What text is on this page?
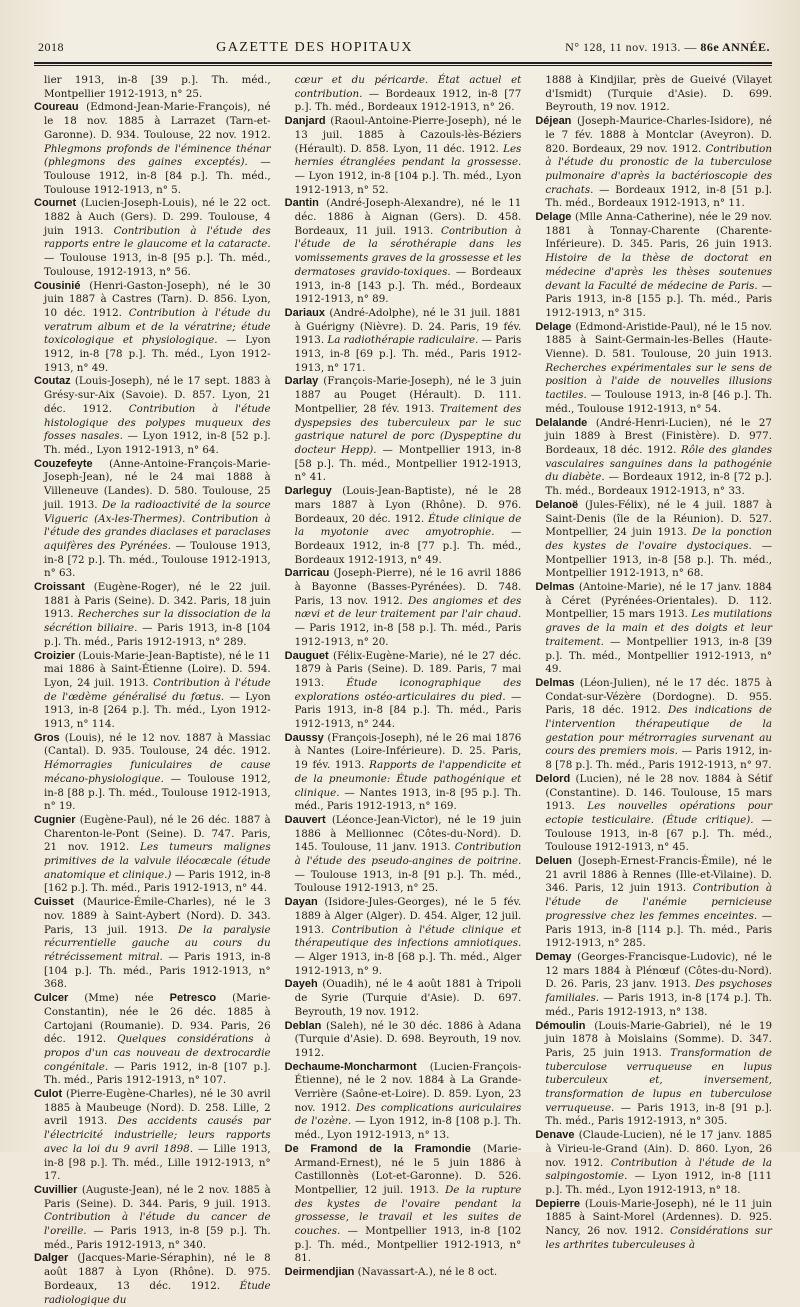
2018	GAZETTE DES HOPITAUX	N° 128, 11 nov. 1913. — 86e ANNÉE.

lier 1913, in-8 [39 p.]. Th. méd., Montpellier 1912-1913, n° 25.

Coureau (Edmond-Jean-Marie-François), né le 18 nov. 1885 à Larrazet (Tarn-et-Garonne). D. 934. Toulouse, 22 nov. 1912. Phlegmons profonds de l'éminence thénar (phlegmons des gaines exceptés). — Toulouse 1912, in-8 [84 p.]. Th. méd., Toulouse 1912-1913, n° 5.

Cournet (Lucien-Joseph-Louis), né le 22 oct. 1882 à Auch (Gers). D. 299. Toulouse, 4 juin 1913. Contribution à l'étude des rapports entre le glaucome et la cataracte. — Toulouse 1913, in-8 [95 p.]. Th. méd., Toulouse, 1912-1913, n° 56.

Cousinié (Henri-Gaston-Joseph), né le 30 juin 1887 à Castres (Tarn). D. 856. Lyon, 10 déc. 1912. Contribution à l'étude du veratrum album et de la vératrine; étude toxicologique et physiologique. — Lyon 1912, in-8 [78 p.]. Th. méd., Lyon 1912-1913, n° 49.

Coutaz (Louis-Joseph), né le 17 sept. 1883 à Grésy-sur-Aix (Savoie). D. 857. Lyon, 21 déc. 1912. Contribution à l'étude histologique des polypes muqueux des fosses nasales. — Lyon 1912, in-8 [52 p.]. Th. méd., Lyon 1912-1913, n° 64.

Couzefeyte (Anne-Antoine-François-Marie-Joseph-Jean), né le 24 mai 1888 à Villeneuve (Landes). D. 580. Toulouse, 25 juil. 1913. De la radioactivité de la source Vigueric (Ax-les-Thermes). Contribution à l'étude des grandes diaclases et paraclases aquifères des Pyrénées. — Toulouse 1913, in-8 [72 p.]. Th. méd., Toulouse 1912-1913, n° 63.

Croissant (Eugène-Roger), né le 22 juil. 1881 à Paris (Seine). D. 342. Paris, 18 juin 1913. Recherches sur la dissociation de la sécrétion biliaire. — Paris 1913, in-8 [104 p.]. Th. méd., Paris 1912-1913, n° 289.

Croizier (Louis-Marie-Jean-Baptiste), né le 11 mai 1886 à Saint-Étienne (Loire). D. 594. Lyon, 24 juil. 1913. Contribution à l'étude de l'œdème généralisé du fœtus. — Lyon 1913, in-8 [264 p.]. Th. méd., Lyon 1912-1913, n° 114.

Gros (Louis), né le 12 nov. 1887 à Massiac (Cantal). D. 935. Toulouse, 24 déc. 1912. Hémorragies funiculaires de cause mécano-physiologique. — Toulouse 1912, in-8 [88 p.]. Th. méd., Toulouse 1912-1913, n° 19.

Cugnier (Eugène-Paul), né le 26 déc. 1887 à Charenton-le-Pont (Seine). D. 747. Paris, 21 nov. 1912. Les tumeurs malignes primitives de la valvule iléocæcale (étude anatomique et clinique.) — Paris 1912, in-8 [162 p.]. Th. méd., Paris 1912-1913, n° 44.

Cuisset (Maurice-Émile-Charles), né le 3 nov. 1889 à Saint-Aybert (Nord). D. 343. Paris, 13 juil. 1913. De la paralysie récurrentielle gauche au cours du rétrécissement mitral. — Paris 1913, in-8 [104 p.]. Th. méd., Paris 1912-1913, n° 368.

Culcer (Mme) née Petresco (Marie-Constantin), née le 26 déc. 1885 à Cartojani (Roumanie). D. 934. Paris, 26 déc. 1912. Quelques considérations à propos d'un cas nouveau de dextrocardie congénitale. — Paris 1912, in-8 [107 p.]. Th. méd., Paris 1912-1913, n° 107.

Culot (Pierre-Eugène-Charles), né le 30 avril 1885 à Maubeuge (Nord). D. 258. Lille, 2 avril 1913. Des accidents causés par l'électricité industrielle; leurs rapports avec la loi du 9 avril 1898. — Lille 1913, in-8 [98 p.]. Th. méd., Lille 1912-1913, n° 17.

Cuvillier (Auguste-Jean), né le 2 nov. 1885 à Paris (Seine). D. 344. Paris, 9 juil. 1913. Contribution à l'étude du cancer de l'oreille. — Paris 1913, in-8 [59 p.]. Th. méd., Paris 1912-1913, n° 340.

Dalger (Jacques-Marie-Séraphin), né le 8 août 1887 à Lyon (Rhône). D. 975. Bordeaux, 13 déc. 1912. Étude radiologique du

cœur et du péricarde. État actuel et contribution. — Bordeaux 1912, in-8 [77 p.]. Th. méd., Bordeaux 1912-1913, n° 26.

Danjard (Raoul-Antoine-Pierre-Joseph), né le 13 juil. 1885 à Cazouls-lès-Béziers (Hérault). D. 858. Lyon, 11 déc. 1912. Les hernies étranglées pendant la grossesse. — Lyon 1912, in-8 [104 p.]. Th. méd., Lyon 1912-1913, n° 52.

Dantin (André-Joseph-Alexandre), né le 11 déc. 1886 à Aignan (Gers). D. 458. Bordeaux, 11 juil. 1913. Contribution à l'étude de la sérothérapie dans les vomissements graves de la grossesse et les dermatoses gravido-toxiques. — Bordeaux 1913, in-8 [143 p.]. Th. méd., Bordeaux 1912-1913, n° 89.

Dariaux (André-Adolphe), né le 31 juil. 1881 à Guérigny (Nièvre). D. 24. Paris, 19 fév. 1913. La radiothérapie radiculaire. — Paris 1913, in-8 [69 p.]. Th. méd., Paris 1912-1913, n° 171.

Darlay (François-Marie-Joseph), né le 3 juin 1887 au Pouget (Hérault). D. 111. Montpellier, 28 fév. 1913. Traitement des dyspepsies des tuberculeux par le suc gastrique naturel de porc (Dyspeptine du docteur Hepp). — Montpellier 1913, in-8 [58 p.]. Th. méd., Montpellier 1912-1913, n° 41.

Darleguy (Louis-Jean-Baptiste), né le 28 mars 1887 à Lyon (Rhône). D. 976. Bordeaux, 20 déc. 1912. Étude clinique de la myotonie avec amyotrophie. — Bordeaux 1912, in-8 [77 p.]. Th. méd., Bordeaux 1912-1913, n° 49.

Darricau (Joseph-Pierre), né le 16 avril 1886 à Bayonne (Basses-Pyrénées). D. 748. Paris, 13 nov. 1912. Des angiomes et des nævi et de leur traitement par l'air chaud. — Paris 1912, in-8 [58 p.]. Th. méd., Paris 1912-1913, n° 20.

Dauguet (Félix-Eugène-Marie), né le 27 déc. 1879 à Paris (Seine). D. 189. Paris, 7 mai 1913. Étude iconographique des explorations ostéo-articulaires du pied. — Paris 1913, in-8 [84 p.]. Th. méd., Paris 1912-1913, n° 244.

Daussy (François-Joseph), né le 26 mai 1876 à Nantes (Loire-Inférieure). D. 25. Paris, 19 fév. 1913. Rapports de l'appendicite et de la pneumonie: Étude pathogénique et clinique. — Nantes 1913, in-8 [95 p.]. Th. méd., Paris 1912-1913, n° 169.

Dauvert (Léonce-Jean-Victor), né le 19 juin 1886 à Mellionnec (Côtes-du-Nord). D. 145. Toulouse, 11 janv. 1913. Contribution à l'étude des pseudo-angines de poitrine. — Toulouse 1913, in-8 [91 p.]. Th. méd., Toulouse 1912-1913, n° 25.

Dayan (Isidore-Jules-Georges), né le 5 fév. 1889 à Alger (Alger). D. 454. Alger, 12 juil. 1913. Contribution à l'étude clinique et thérapeutique des infections amniotiques. — Alger 1913, in-8 [68 p.]. Th. méd., Alger 1912-1913, n° 9.

Dayeh (Ouadih), né le 4 août 1881 à Tripoli de Syrie (Turquie d'Asie). D. 697. Beyrouth, 19 nov. 1912.

Deblan (Saleh), né le 30 déc. 1886 à Adana (Turquie d'Asie). D. 698. Beyrouth, 19 nov. 1912.

Dechaume-Moncharmont (Lucien-François-Étienne), né le 2 nov. 1884 à La Grande-Verrière (Saône-et-Loire). D. 859. Lyon, 23 nov. 1912. Des complications auriculaires de l'ozène. — Lyon 1912, in-8 [108 p.]. Th. méd., Lyon 1912-1913, n° 13.

De Framond de la Framondie (Marie-Armand-Ernest), né le 5 juin 1886 à Castillonnès (Lot-et-Garonne). D. 526. Montpellier, 12 juil. 1913. De la rupture des kystes de l'ovaire pendant la grossesse, le travail et les suites de couches. — Montpellier 1913, in-8 [102 p.]. Th. méd., Montpellier 1912-1913, n° 81.

Deirmendjian (Navassart-A.), né le 8 oct.

1888 à Kindjilar, près de Gueivé (Vilayet d'Ismidt) (Turquie d'Asie). D. 699. Beyrouth, 19 nov. 1912.

Déjean (Joseph-Maurice-Charles-Isidore), né le 7 fév. 1888 à Montclar (Aveyron). D. 820. Bordeaux, 29 nov. 1912. Contribution à l'étude du pronostic de la tuberculose pulmonaire d'après la bactérioscopie des crachats. — Bordeaux 1912, in-8 [51 p.]. Th. méd., Bordeaux 1912-1913, n° 11.

Delage (Mlle Anna-Catherine), née le 29 nov. 1881 à Tonnay-Charente (Charente-Inférieure). D. 345. Paris, 26 juin 1913. Histoire de la thèse de doctorat en médecine d'après les thèses soutenues devant la Faculté de médecine de Paris. — Paris 1913, in-8 [155 p.]. Th. méd., Paris 1912-1913, n° 315.

Delage (Edmond-Aristide-Paul), né le 15 nov. 1885 à Saint-Germain-les-Belles (Haute-Vienne). D. 581. Toulouse, 20 juin 1913. Recherches expérimentales sur le sens de position à l'aide de nouvelles illusions tactiles. — Toulouse 1913, in-8 [46 p.]. Th. méd., Toulouse 1912-1913, n° 54.

Delalande (André-Henri-Lucien), né le 27 juin 1889 à Brest (Finistère). D. 977. Bordeaux, 18 déc. 1912. Rôle des glandes vasculaires sanguines dans la pathogénie du diabète. — Bordeaux 1912, in-8 [72 p.]. Th. méd., Bordeaux 1912-1913, n° 33.

Delanoë (Jules-Félix), né le 4 juil. 1887 à Saint-Denis (île de la Réunion). D. 527. Montpellier, 24 juin 1913. De la ponction des kystes de l'ovaire dystociques. — Montpellier 1913, in-8 [58 p.]. Th. méd., Montpellier 1912-1913, n° 68.

Delmas (Antoine-Marie), né le 17 janv. 1884 à Céret (Pyrénées-Orientales). D. 112. Montpellier, 15 mars 1913. Les mutilations graves de la main et des doigts et leur traitement. — Montpellier 1913, in-8 [39 p.]. Th. méd., Montpellier 1912-1913, n° 49.

Delmas (Léon-Julien), né le 17 déc. 1875 à Condat-sur-Vézère (Dordogne). D. 955. Paris, 18 déc. 1912. Des indications de l'intervention thérapeutique de la gestation pour métrorragies survenant au cours des premiers mois. — Paris 1912, in-8 [78 p.]. Th. méd., Paris 1912-1913, n° 97.

Delord (Lucien), né le 28 nov. 1884 à Sétif (Constantine). D. 146. Toulouse, 15 mars 1913. Les nouvelles opérations pour ectopie testiculaire. (Étude critique). — Toulouse 1913, in-8 [67 p.]. Th. méd., Toulouse 1912-1913, n° 45.

Deluen (Joseph-Ernest-Francis-Émile), né le 21 avril 1886 à Rennes (Ille-et-Vilaine). D. 346. Paris, 12 juin 1913. Contribution à l'étude de l'anémie pernicieuse progressive chez les femmes enceintes. — Paris 1913, in-8 [114 p.]. Th. méd., Paris 1912-1913, n° 285.

Demay (Georges-Francisque-Ludovic), né le 12 mars 1884 à Plénœuf (Côtes-du-Nord). D. 26. Paris, 23 janv. 1913. Des psychoses familiales. — Paris 1913, in-8 [174 p.]. Th. méd., Paris 1912-1913, n° 138.

Démoulin (Louis-Marie-Gabriel), né le 19 juin 1878 à Moislains (Somme). D. 347. Paris, 25 juin 1913. Transformation de tuberculose verruqueuse en lupus tuberculeux et, inversement, transformation de lupus en tuberculose verruqueuse. — Paris 1913, in-8 [91 p.]. Th. méd., Paris 1912-1913, n° 305.

Denave (Claude-Lucien), né le 17 janv. 1885 à Virieu-le-Grand (Ain). D. 860. Lyon, 26 nov. 1912. Contribution à l'étude de la salpingostomie. — Lyon 1912, in-8 [111 p.]. Th. méd., Lyon 1912-1913, n° 18.

Depierre (Louis-Marie-Joseph), né le 11 juin 1885 à Saint-Morel (Ardennes). D. 925. Nancy, 26 nov. 1912. Considérations sur les arthrites tuberculeuses à
